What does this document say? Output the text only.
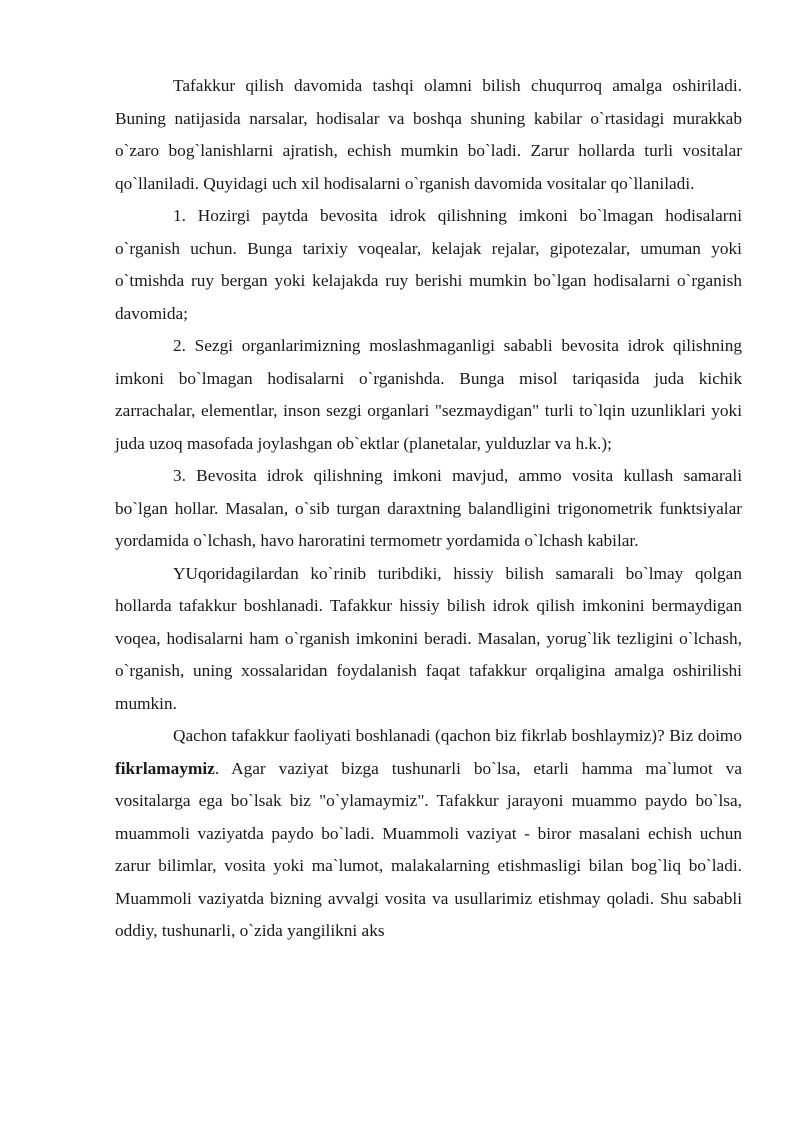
Tafakkur qilish davomida tashqi olamni bilish chuqurroq amalga oshiriladi. Buning natijasida narsalar, hodisalar va boshqa shuning kabilar o`rtasidagi murakkab o`zaro bog`lanishlarni ajratish, echish mumkin bo`ladi. Zarur hollarda turli vositalar qo`llaniladi. Quyidagi uch xil hodisalarni o`rganish davomida vositalar qo`llaniladi.

1. Hozirgi paytda bevosita idrok qilishning imkoni bo`lmagan hodisalarni o`rganish uchun. Bunga tarixiy voqealar, kelajak rejalar, gipotezalar, umuman yoki o`tmishda ruy bergan yoki kelajakda ruy berishi mumkin bo`lgan hodisalarni o`rganish davomida;

2. Sezgi organlarimizning moslashmaganligi sababli bevosita idrok qilishning imkoni bo`lmagan hodisalarni o`rganishda. Bunga misol tariqasida juda kichik zarrachalar, elementlar, inson sezgi organlari "sezmaydigan" turli to`lqin uzunliklari yoki juda uzoq masofada joylashgan ob`ektlar (planetalar, yulduzlar va h.k.);

3. Bevosita idrok qilishning imkoni mavjud, ammo vosita kullash samarali bo`lgan hollar. Masalan, o`sib turgan daraxtning balandligini trigonometrik funktsiyalar yordamida o`lchash, havo haroratini termometr yordamida o`lchash kabilar.

YUqoridagilardan ko`rinib turibdiki, hissiy bilish samarali bo`lmay qolgan hollarda tafakkur boshlanadi. Tafakkur hissiy bilish idrok qilish imkonini bermaydigan voqea, hodisalarni ham o`rganish imkonini beradi. Masalan, yorug`lik tezligini o`lchash, o`rganish, uning xossalaridan foydalanish faqat tafakkur orqaligina amalga oshirilishi mumkin.

Qachon tafakkur faoliyati boshlanadi (qachon biz fikrlab boshlaymiz)? Biz doimo fikrlamaymiz. Agar vaziyat bizga tushunarli bo`lsa, etarli hamma ma`lumot va vositalarga ega bo`lsak biz "o`ylamaymiz". Tafakkur jarayoni muammo paydo bo`lsa, muammoli vaziyatda paydo bo`ladi. Muammoli vaziyat - biror masalani echish uchun zarur bilimlar, vosita yoki ma`lumot, malakalarning etishmasligi bilan bog`liq bo`ladi. Muammoli vaziyatda bizning avvalgi vosita va usullarimiz etishmay qoladi. Shu sababli oddiy, tushunarli, o`zida yangilikni aks
